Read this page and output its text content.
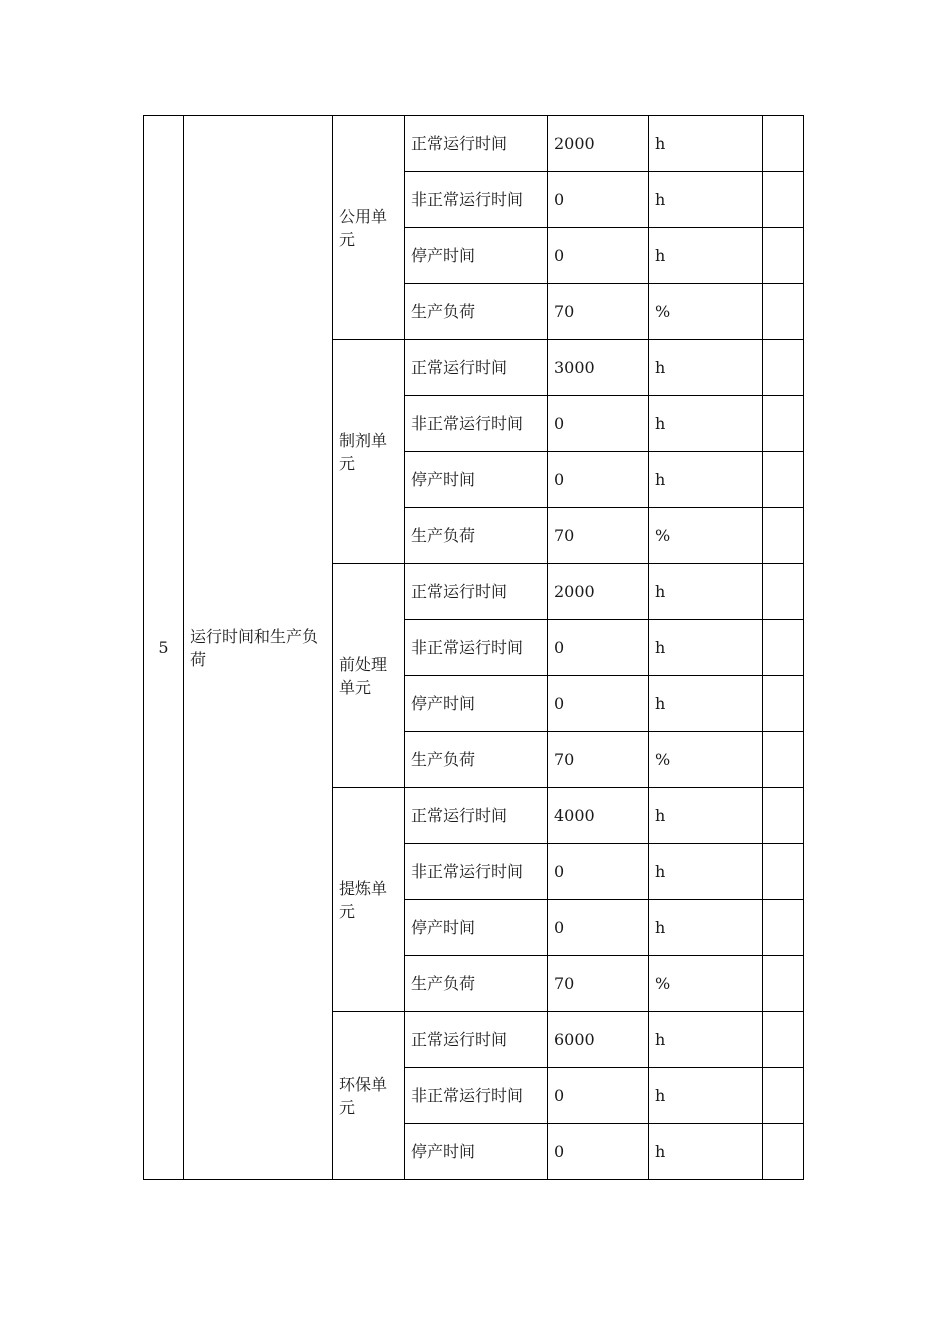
5	运行时间和生产负荷	公用单元	正常运行时间	2000	h	
			非正常运行时间	0	h	
			停产时间	0	h	
			生产负荷	70	%	
		制剂单元	正常运行时间	3000	h	
			非正常运行时间	0	h	
			停产时间	0	h	
			生产负荷	70	%	
		前处理单元	正常运行时间	2000	h	
			非正常运行时间	0	h	
			停产时间	0	h	
			生产负荷	70	%	
		提炼单元	正常运行时间	4000	h	
			非正常运行时间	0	h	
			停产时间	0	h	
			生产负荷	70	%	
		环保单元	正常运行时间	6000	h	
			非正常运行时间	0	h	
			停产时间	0	h	
